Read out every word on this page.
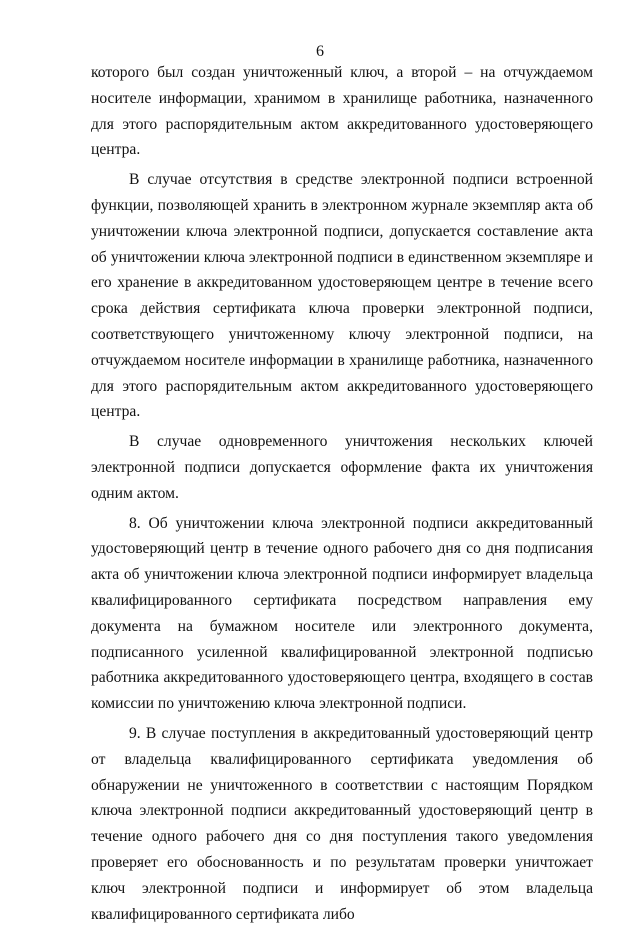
6

которого был создан уничтоженный ключ, а второй – на отчуждаемом носителе информации, хранимом в хранилище работника, назначенного для этого распорядительным актом аккредитованного удостоверяющего центра.

В случае отсутствия в средстве электронной подписи встроенной функции, позволяющей хранить в электронном журнале экземпляр акта об уничтожении ключа электронной подписи, допускается составление акта об уничтожении ключа электронной подписи в единственном экземпляре и его хранение в аккредитованном удостоверяющем центре в течение всего срока действия сертификата ключа проверки электронной подписи, соответствующего уничтоженному ключу электронной подписи, на отчуждаемом носителе информации в хранилище работника, назначенного для этого распорядительным актом аккредитованного удостоверяющего центра.

В случае одновременного уничтожения нескольких ключей электронной подписи допускается оформление факта их уничтожения одним актом.

8. Об уничтожении ключа электронной подписи аккредитованный удостоверяющий центр в течение одного рабочего дня со дня подписания акта об уничтожении ключа электронной подписи информирует владельца квалифицированного сертификата посредством направления ему документа на бумажном носителе или электронного документа, подписанного усиленной квалифицированной электронной подписью работника аккредитованного удостоверяющего центра, входящего в состав комиссии по уничтожению ключа электронной подписи.

9. В случае поступления в аккредитованный удостоверяющий центр от владельца квалифицированного сертификата уведомления об обнаружении не уничтоженного в соответствии с настоящим Порядком ключа электронной подписи аккредитованный удостоверяющий центр в течение одного рабочего дня со дня поступления такого уведомления проверяет его обоснованность и по результатам проверки уничтожает ключ электронной подписи и информирует об этом владельца квалифицированного сертификата либо
